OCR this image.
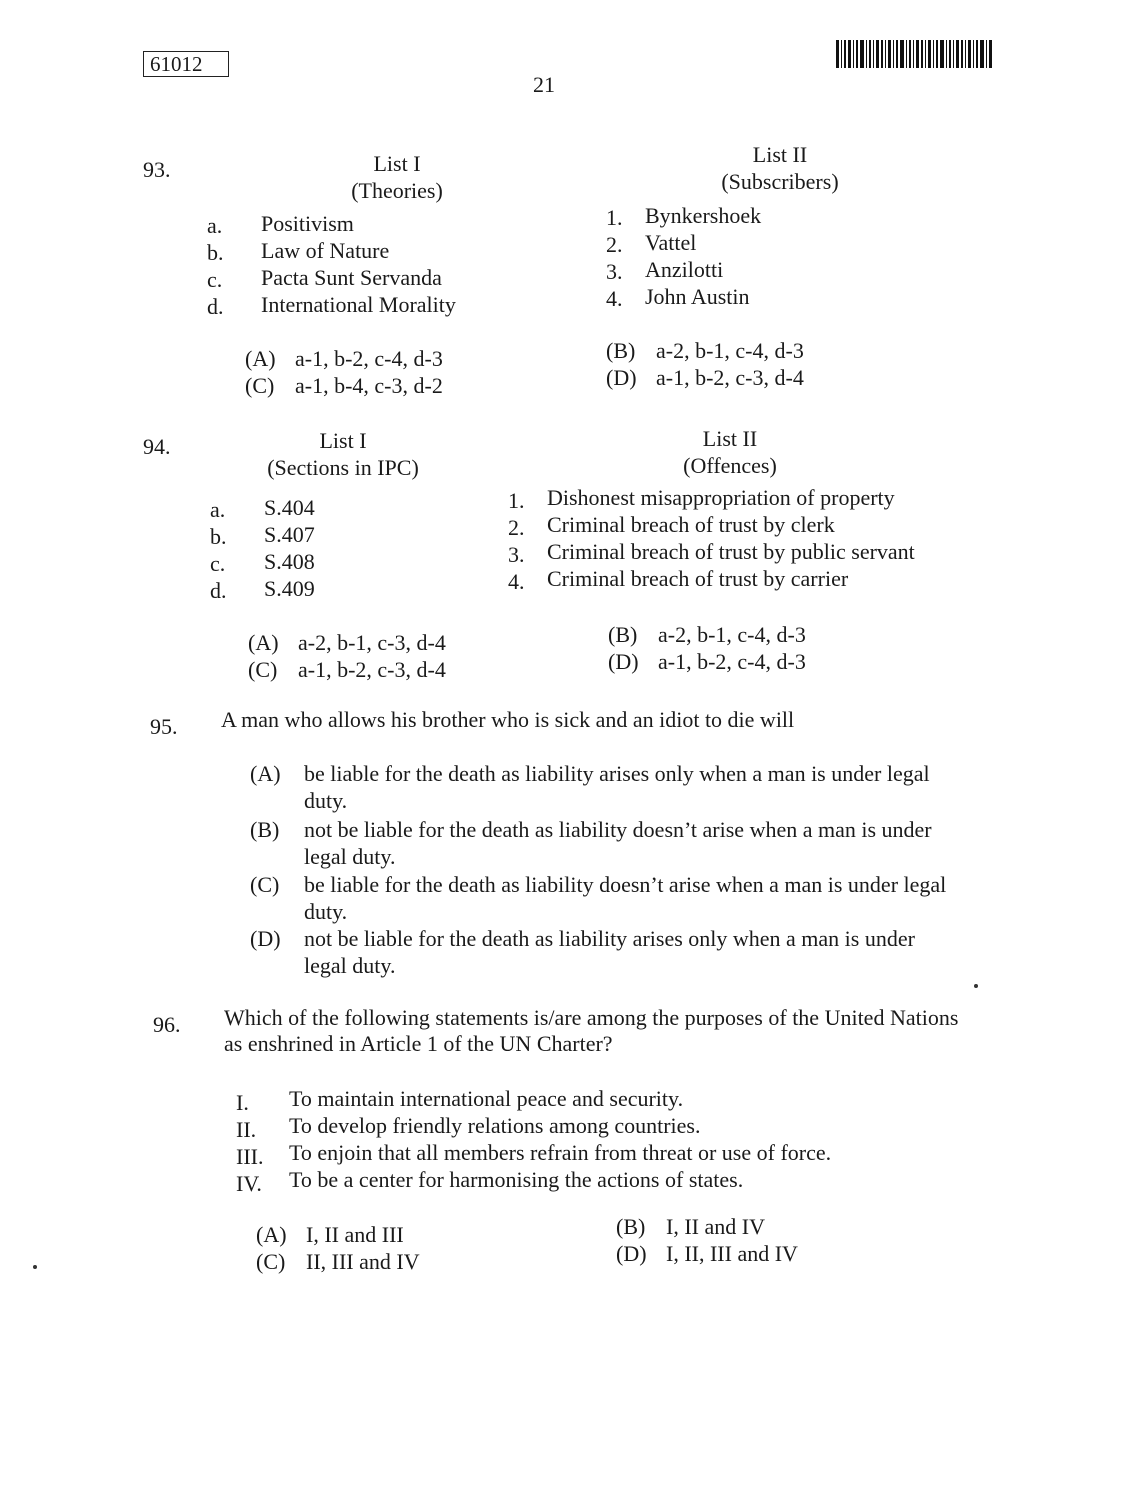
61012
21
93.	List I
(Theories)
List II
(Subscribers)
a. Positivism
b. Law of Nature
c. Pacta Sunt Servanda
d. International Morality
1. Bynkershoek
2. Vattel
3. Anzilotti
4. John Austin
(A) a-1, b-2, c-4, d-3	(B) a-2, b-1, c-4, d-3
(C) a-1, b-4, c-3, d-2	(D) a-1, b-2, c-3, d-4
94.	List I
(Sections in IPC)
List II
(Offences)
a. S.404
b. S.407
c. S.408
d. S.409
1. Dishonest misappropriation of property
2. Criminal breach of trust by clerk
3. Criminal breach of trust by public servant
4. Criminal breach of trust by carrier
(A) a-2, b-1, c-3, d-4	(B) a-2, b-1, c-4, d-3
(C) a-1, b-2, c-3, d-4	(D) a-1, b-2, c-4, d-3
95. A man who allows his brother who is sick and an idiot to die will
(A) be liable for the death as liability arises only when a man is under legal duty.
(B) not be liable for the death as liability doesn’t arise when a man is under legal duty.
(C) be liable for the death as liability doesn’t arise when a man is under legal duty.
(D) not be liable for the death as liability arises only when a man is under legal duty.
96. Which of the following statements is/are among the purposes of the United Nations as enshrined in Article 1 of the UN Charter?
I. To maintain international peace and security.
II. To develop friendly relations among countries.
III. To enjoin that all members refrain from threat or use of force.
IV. To be a center for harmonising the actions of states.
(A) I, II and III	(B) I, II and IV
(C) II, III and IV	(D) I, II, III and IV
